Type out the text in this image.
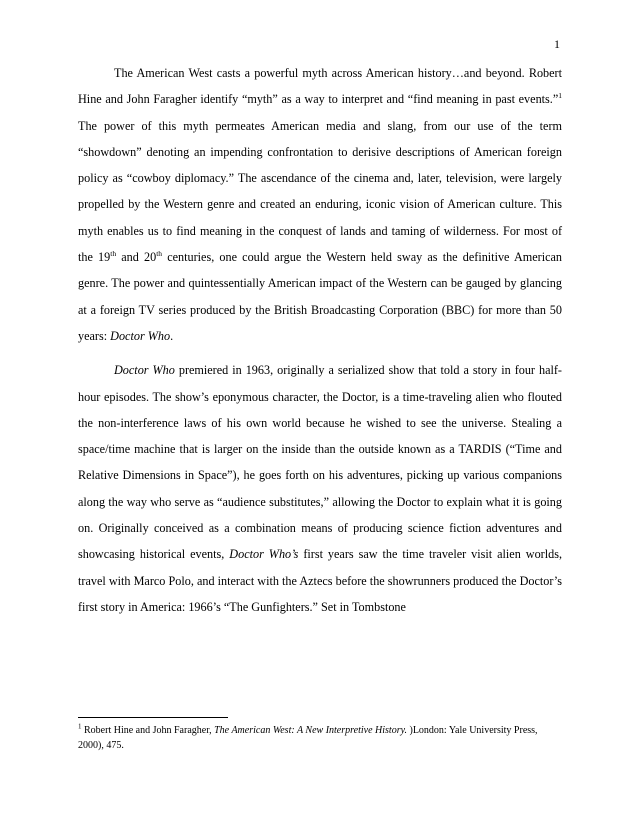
1

The American West casts a powerful myth across American history…and beyond. Robert Hine and John Faragher identify “myth” as a way to interpret and “find meaning in past events.”$^1$ The power of this myth permeates American media and slang, from our use of the term “showdown” denoting an impending confrontation to derisive descriptions of American foreign policy as “cowboy diplomacy.” The ascendance of the cinema and, later, television, were largely propelled by the Western genre and created an enduring, iconic vision of American culture. This myth enables us to find meaning in the conquest of lands and taming of wilderness. For most of the 19th and 20th centuries, one could argue the Western held sway as the definitive American genre. The power and quintessentially American impact of the Western can be gauged by glancing at a foreign TV series produced by the British Broadcasting Corporation (BBC) for more than 50 years: Doctor Who.

Doctor Who premiered in 1963, originally a serialized show that told a story in four half-hour episodes. The show’s eponymous character, the Doctor, is a time-traveling alien who flouted the non-interference laws of his own world because he wished to see the universe. Stealing a space/time machine that is larger on the inside than the outside known as a TARDIS (“Time and Relative Dimensions in Space”), he goes forth on his adventures, picking up various companions along the way who serve as “audience substitutes,” allowing the Doctor to explain what it is going on. Originally conceived as a combination means of producing science fiction adventures and showcasing historical events, Doctor Who’s first years saw the time traveler visit alien worlds, travel with Marco Polo, and interact with the Aztecs before the showrunners produced the Doctor’s first story in America: 1966’s “The Gunfighters.” Set in Tombstone

$^1$ Robert Hine and John Faragher, The American West: A New Interpretive History. )London: Yale University Press, 2000), 475.
